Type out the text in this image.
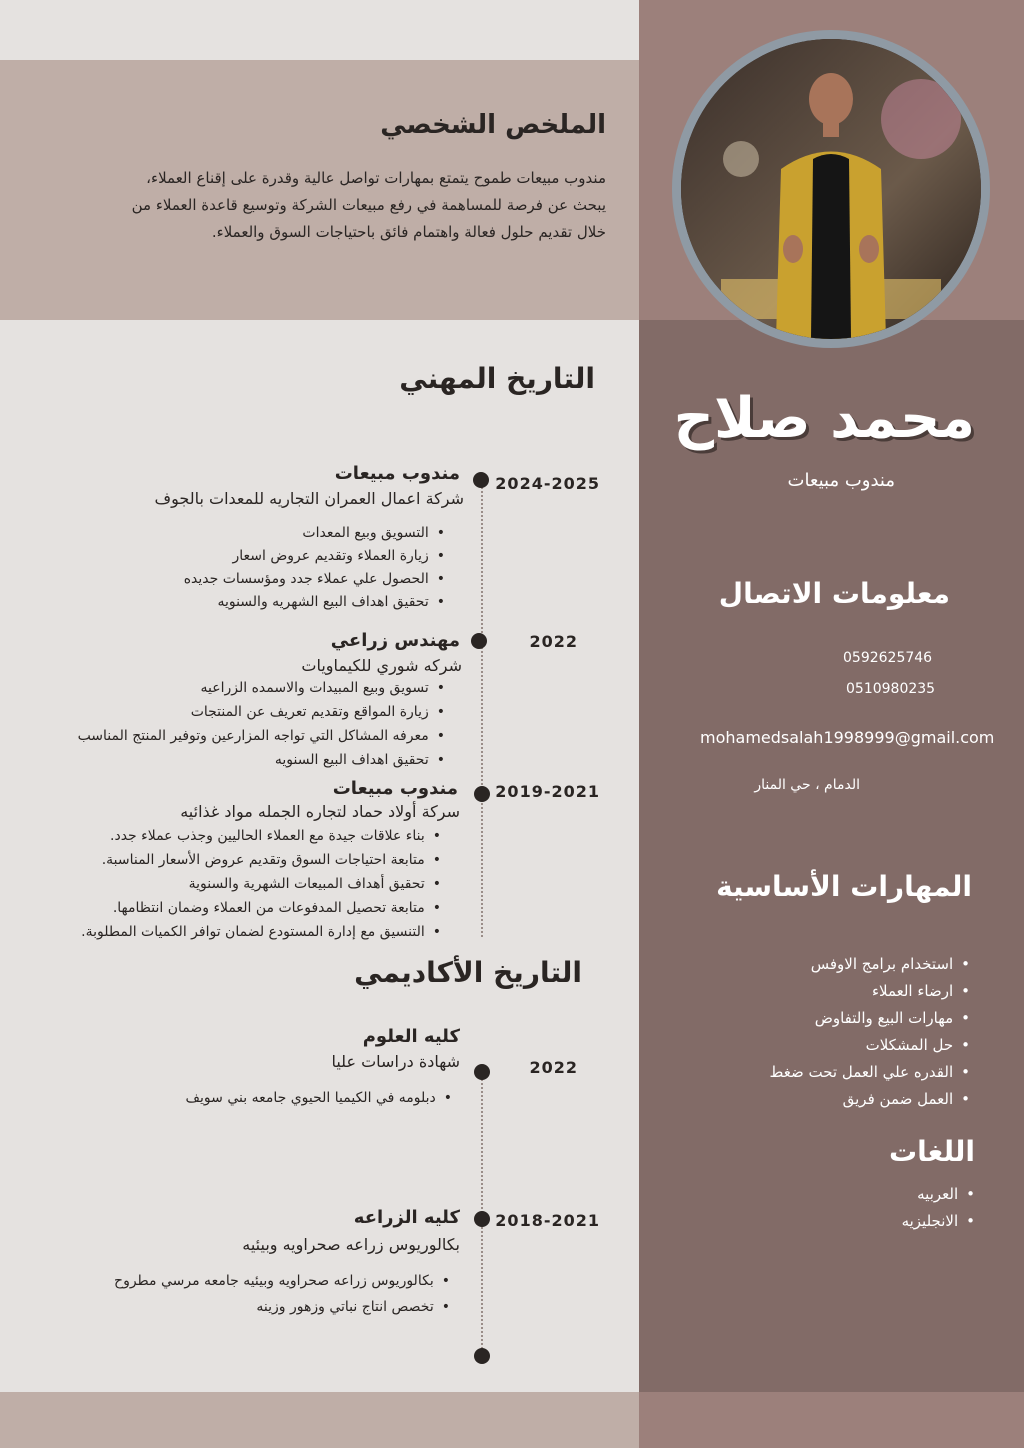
الملخص الشخصي
مندوب مبيعات طموح يتمتع بمهارات تواصل عالية وقدرة على إقناع العملاء،
يبحث عن فرصة للمساهمة في رفع مبيعات الشركة وتوسيع قاعدة العملاء من
خلال تقديم حلول فعالة واهتمام فائق باحتياجات السوق والعملاء.
محمد صلاح
مندوب مبيعات
معلومات الاتصال
0592625746
0510980235
mohamedsalah1998999@gmail.com
الدمام ، حي المنار
المهارات الأساسية
• استخدام برامج الاوفس
• ارضاء العملاء
• مهارات البيع والتفاوض
• حل المشكلات
• القدره علي العمل تحت ضغط
• العمل ضمن فريق
اللغات
• العربيه
• الانجليزيه
التاريخ المهني
2024-2025
مندوب مبيعات
شركة اعمال العمران التجاريه للمعدات بالجوف
• التسويق وبيع المعدات
• زيارة العملاء وتقديم عروض اسعار
• الحصول علي عملاء جدد ومؤسسات جديده
• تحقيق اهداف البيع الشهريه والسنويه
2022
مهندس زراعي
شركه شوري للكيماويات
• تسويق وبيع المبيدات والاسمده الزراعيه
• زيارة المواقع وتقديم تعريف عن المنتجات
• معرفه المشاكل التي تواجه المزارعين وتوفير المنتج المناسب
• تحقيق اهداف البيع السنويه
2019-2021
مندوب مبيعات
سركة أولاد حماد لتجاره الجمله مواد غذائيه
• بناء علاقات جيدة مع العملاء الحاليين وجذب عملاء جدد.
• متابعة احتياجات السوق وتقديم عروض الأسعار المناسبة.
• تحقيق أهداف المبيعات الشهرية والسنوية
• متابعة تحصيل المدفوعات من العملاء وضمان انتظامها.
• التنسيق مع إدارة المستودع لضمان توافر الكميات المطلوبة.
التاريخ الأكاديمي
2022
كليه العلوم
شهادة دراسات عليا
• دبلومه في الكيميا الحيوي جامعه بني سويف
2018-2021
كليه الزراعه
بكالوريوس زراعه صحراويه وبيئيه
• بكالوريوس زراعه صحراويه وبيئيه جامعه مرسي مطروح
• تخصص انتاج نباتي وزهور وزينه
